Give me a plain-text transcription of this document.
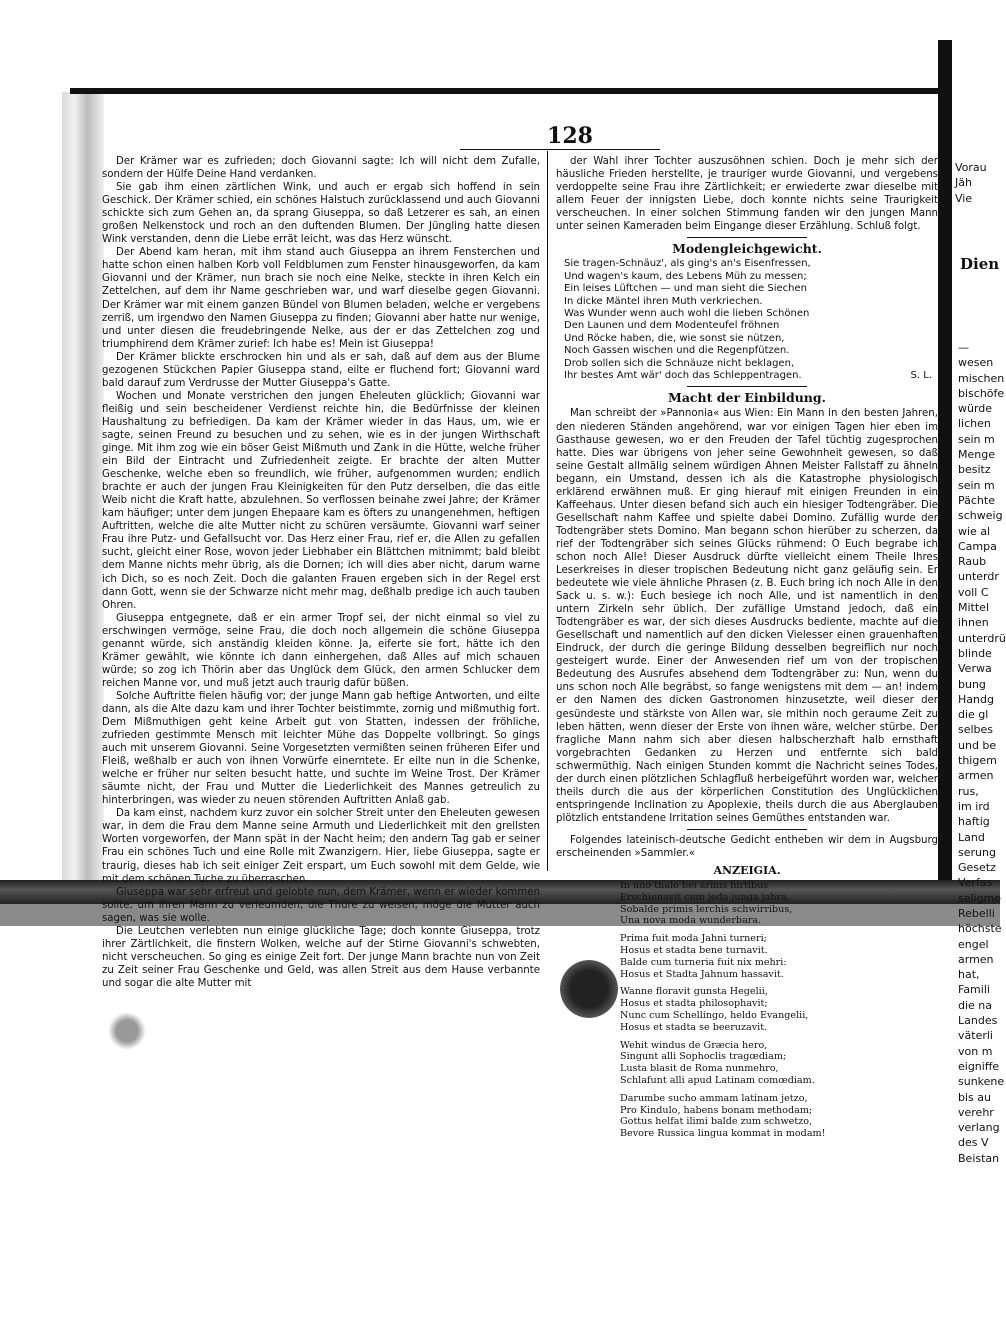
128

Der Krämer war es zufrieden; doch Giovanni sagte: Ich will nicht dem Zufalle, sondern der Hülfe Deine Hand verdanken.

Sie gab ihm einen zärtlichen Wink, und auch er ergab sich hoffend in sein Geschick. Der Krämer schied, ein schönes Halstuch zurücklassend und auch Giovanni schickte sich zum Gehen an, da sprang Giuseppa, so daß Letzerer es sah, an einen großen Nelkenstock und roch an den duftenden Blumen. Der Jüngling hatte diesen Wink verstanden, denn die Liebe errät leicht, was das Herz wünscht.

Der Abend kam heran, mit ihm stand auch Giuseppa an ihrem Fensterchen und hatte schon einen halben Korb voll Feldblumen zum Fenster hinausgeworfen, da kam Giovanni und der Krämer, nun brach sie noch eine Nelke, steckte in ihren Kelch ein Zettelchen, auf dem ihr Name geschrieben war, und warf dieselbe gegen Giovanni. Der Krämer war mit einem ganzen Bündel von Blumen beladen, welche er vergebens zerriß, um irgendwo den Namen Giuseppa zu finden; Giovanni aber hatte nur wenige, und unter diesen die freudebringende Nelke, aus der er das Zettelchen zog und triumphirend dem Krämer zurief: Ich habe es! Mein ist Giuseppa!

Der Krämer blickte erschrocken hin und als er sah, daß auf dem aus der Blume gezogenen Stückchen Papier Giuseppa stand, eilte er fluchend fort; Giovanni ward bald darauf zum Verdrusse der Mutter Giuseppa's Gatte.

Wochen und Monate verstrichen den jungen Eheleuten glücklich; Giovanni war fleißig und sein bescheidener Verdienst reichte hin, die Bedürfnisse der kleinen Haushaltung zu befriedigen. Da kam der Krämer wieder in das Haus, um, wie er sagte, seinen Freund zu besuchen und zu sehen, wie es in der jungen Wirthschaft ginge. Mit ihm zog wie ein böser Geist Mißmuth und Zank in die Hütte, welche früher ein Bild der Eintracht und Zufriedenheit zeigte. Er brachte der alten Mutter Geschenke, welche eben so freundlich, wie früher, aufgenommen wurden; endlich brachte er auch der jungen Frau Kleinigkeiten für den Putz derselben, die das eitle Weib nicht die Kraft hatte, abzulehnen. So verflossen beinahe zwei Jahre; der Krämer kam häufiger; unter dem jungen Ehepaare kam es öfters zu unangenehmen, heftigen Auftritten, welche die alte Mutter nicht zu schüren versäumte. Giovanni warf seiner Frau ihre Putz- und Gefallsucht vor. Das Herz einer Frau, rief er, die Allen zu gefallen sucht, gleicht einer Rose, wovon jeder Liebhaber ein Blättchen mitnimmt; bald bleibt dem Manne nichts mehr übrig, als die Dornen; ich will dies aber nicht, darum warne ich Dich, so es noch Zeit. Doch die galanten Frauen ergeben sich in der Regel erst dann Gott, wenn sie der Schwarze nicht mehr mag, deßhalb predige ich auch tauben Ohren.

Giuseppa entgegnete, daß er ein armer Tropf sei, der nicht einmal so viel zu erschwingen vermöge, seine Frau, die doch noch allgemein die schöne Giuseppa genannt würde, sich anständig kleiden könne. Ja, eiferte sie fort, hätte ich den Krämer gewählt, wie könnte ich dann einhergehen, daß Alles auf mich schauen würde; so zog ich Thörin aber das Unglück dem Glück, den armen Schlucker dem reichen Manne vor, und muß jetzt auch traurig dafür büßen.

Solche Auftritte fielen häufig vor; der junge Mann gab heftige Antworten, und eilte dann, als die Alte dazu kam und ihrer Tochter beistimmte, zornig und mißmuthig fort. Dem Mißmuthigen geht keine Arbeit gut von Statten, indessen der fröhliche, zufrieden gestimmte Mensch mit leichter Mühe das Doppelte vollbringt. So gings auch mit unserem Giovanni. Seine Vorgesetzten vermißten seinen früheren Eifer und Fleiß, weßhalb er auch von ihnen Vorwürfe einerntete. Er eilte nun in die Schenke, welche er früher nur selten besucht hatte, und suchte im Weine Trost. Der Krämer säumte nicht, der Frau und Mutter die Liederlichkeit des Mannes getreulich zu hinterbringen, was wieder zu neuen störenden Auftritten Anlaß gab.

Da kam einst, nachdem kurz zuvor ein solcher Streit unter den Eheleuten gewesen war, in dem die Frau dem Manne seine Armuth und Liederlichkeit mit den grellsten Worten vorgeworfen, der Mann spät in der Nacht heim; den andern Tag gab er seiner Frau ein schönes Tuch und eine Rolle mit Zwanzigern. Hier, liebe Giuseppa, sagte er traurig, dieses hab ich seit einiger Zeit erspart, um Euch sowohl mit dem Gelde, wie mit dem schönen Tuche zu überraschen.

Giuseppa war sehr erfreut und gelobte nun, dem Krämer, wenn er wieder kommen sollte, um ihren Mann zu verleumden, die Thüre zu weisen, möge die Mutter auch sagen, was sie wolle.

Die Leutchen verlebten nun einige glückliche Tage; doch konnte Giuseppa, trotz ihrer Zärtlichkeit, die finstern Wolken, welche auf der Stirne Giovanni's schwebten, nicht verscheuchen. So ging es einige Zeit fort. Der junge Mann brachte nun von Zeit zu Zeit seiner Frau Geschenke und Geld, was allen Streit aus dem Hause verbannte und sogar die alte Mutter mit

der Wahl ihrer Tochter auszusöhnen schien. Doch je mehr sich der häusliche Frieden herstellte, je trauriger wurde Giovanni, und vergebens verdoppelte seine Frau ihre Zärtlichkeit; er erwiederte zwar dieselbe mit allem Feuer der innigsten Liebe, doch konnte nichts seine Traurigkeit verscheuchen. In einer solchen Stimmung fanden wir den jungen Mann unter seinen Kameraden beim Eingange dieser Erzählung. Schluß folgt.

Modengleichgewicht.
Sie tragen-Schnäuz', als ging's an's Eisenfressen,
Und wagen's kaum, des Lebens Müh zu messen;
Ein leises Lüftchen — und man sieht die Siechen
In dicke Mäntel ihren Muth verkriechen.
Was Wunder wenn auch wohl die lieben Schönen
Den Launen und dem Modenteufel fröhnen
Und Röcke haben, die, wie sonst sie nützen,
Noch Gassen wischen und die Regenpfützen.
Drob sollen sich die Schnäuze nicht beklagen,
Ihr bestes Amt wär' doch das Schleppentragen.	S. L.
Macht der Einbildung.

Man schreibt der »Pannonia« aus Wien: Ein Mann in den besten Jahren, den niederen Ständen angehörend, war vor einigen Tagen hier eben im Gasthause gewesen, wo er den Freuden der Tafel tüchtig zugesprochen hatte. Dies war übrigens von jeher seine Gewohnheit gewesen, so daß seine Gestalt allmälig seinem würdigen Ahnen Meister Fallstaff zu ähneln begann, ein Umstand, dessen ich als die Katastrophe physiologisch erklärend erwähnen muß. Er ging hierauf mit einigen Freunden in ein Kaffeehaus. Unter diesen befand sich auch ein hiesiger Todtengräber. Die Gesellschaft nahm Kaffee und spielte dabei Domino. Zufällig wurde der Todtengräber stets Domino. Man begann schon hierüber zu scherzen, da rief der Todtengräber sich seines Glücks rühmend: O Euch begrabe ich schon noch Alle! Dieser Ausdruck dürfte vielleicht einem Theile Ihres Leserkreises in dieser tropischen Bedeutung nicht ganz geläufig sein. Er bedeutete wie viele ähnliche Phrasen (z. B. Euch bring ich noch Alle in den Sack u. s. w.): Euch besiege ich noch Alle, und ist namentlich in den untern Zirkeln sehr üblich. Der zufällige Umstand jedoch, daß ein Todtengräber es war, der sich dieses Ausdrucks bediente, machte auf die Gesellschaft und namentlich auf den dicken Vielesser einen grauenhaften Eindruck, der durch die geringe Bildung desselben begreiflich nur noch gesteigert wurde. Einer der Anwesenden rief um von der tropischen Bedeutung des Ausrufes absehend dem Todtengräber zu: Nun, wenn du uns schon noch Alle begräbst, so fange wenigstens mit dem — an! indem er den Namen des dicken Gastronomen hinzusetzte, weil dieser der gesündeste und stärkste von Allen war, sie mithin noch geraume Zeit zu leben hätten, wenn dieser der Erste von ihnen wäre, welcher stürbe. Der fragliche Mann nahm sich aber diesen halbscherzhaft halb ernsthaft vorgebrachten Gedanken zu Herzen und entfernte sich bald schwermüthig. Nach einigen Stunden kommt die Nachricht seines Todes, der durch einen plötzlichen Schlagfluß herbeigeführt worden war, welcher theils durch die aus der körperlichen Constitution des Unglücklichen entspringende Inclination zu Apoplexie, theils durch die aus Aberglauben plötzlich entstandene Irritation seines Gemüthes entstanden war.

Folgendes lateinisch-deutsche Gedicht entheben wir dem in Augsburg erscheinenden »Sammler.«

ANZEIGIA.
In uno thalo bei armis hirtibus
Erschienavit cum jeda junga jahra,
Sobalde primis lerchis schwirribus,
Una nova moda wunderbara.
Prima fuit moda Jahni turneri;
Hosus et stadta bene turnavit.
Balde cum turneria fuit nix mehri:
Hosus et Stadta Jahnum hassavit.
Wanne floravit gunsta Hegelii,
Hosus et stadta philosophavit;
Nunc cum Schellingo, heldo Evangelii,
Hosus et stadta se beeruzavit.
Wehit windus de Græcia hero,
Singunt alli Sophoclis tragœdiam;
Lusta blasit de Roma nunmehro,
Schlafunt alli apud Latinam comœdiam.
Darumbe sucho ammam latinam jetzo,
Pro Kindulo, habens bonam methodam;
Gottus helfat ilimi balde zum schwetzo,
Bevore Russica lingua kommat in modam!
Vorau
Jäh
Vie
Dien
—
wesen
mischen
bischöfe
würde
lichen
sein m
Menge
besitz
sein m
Pächte
schweig
wie al
Campa
Raub
unterdr
voll C
Mittel
ihnen
unterdrü
blinde
Verwa
bung
Handg
die gl
selbes
und be
thigem
armen
rus,
im ird
haftig
Land
serung
Gesetz
Verfas
seligme
Rebelli
höchste
engel
armen
hat,
Famili
die na
Landes
väterli
von m
eigniffe
sunkene
bis au
verehr
verlang
des V
Beistan
